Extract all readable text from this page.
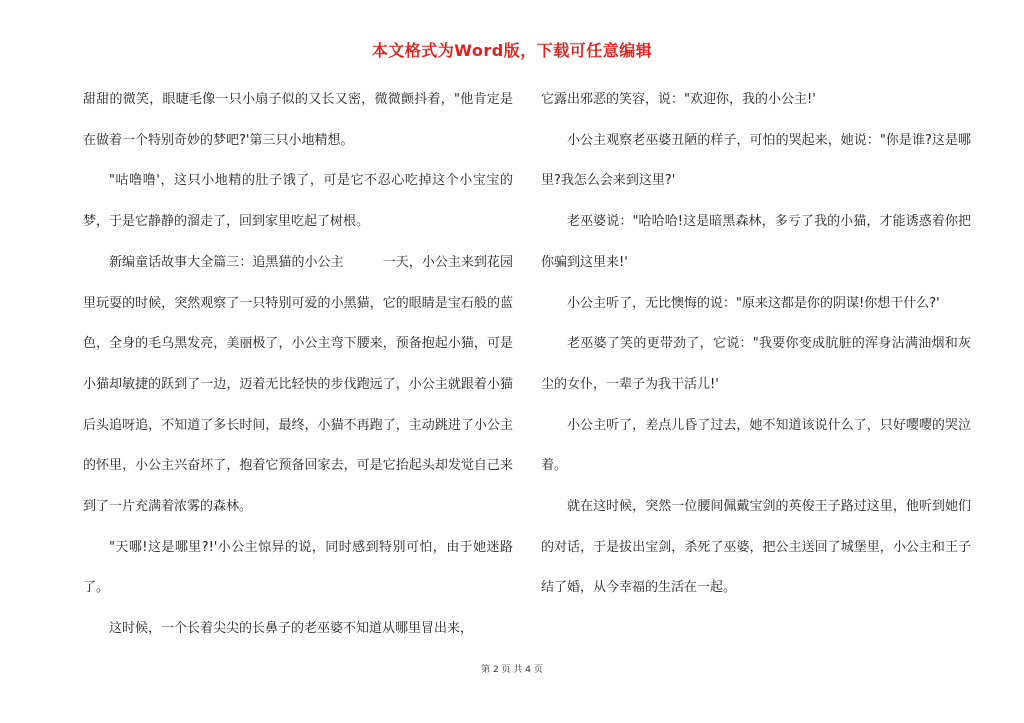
本文格式为Word版，下载可任意编辑

甜甜的微笑，眼睫毛像一只小扇子似的又长又密，微微颤抖着，"他肯定是在做着一个特别奇妙的梦吧?'第三只小地精想。

"咕噜噜'，这只小地精的肚子饿了，可是它不忍心吃掉这个小宝宝的梦，于是它静静的溜走了，回到家里吃起了树根。

新编童话故事大全篇三：追黑猫的小公主　　　一天，小公主来到花园里玩耍的时候，突然观察了一只特别可爱的小黑猫，它的眼睛是宝石般的蓝色，全身的毛乌黑发亮，美丽极了，小公主弯下腰来，预备抱起小猫，可是小猫却敏捷的跃到了一边，迈着无比轻快的步伐跑远了，小公主就跟着小猫后头追呀追，不知道了多长时间，最终，小猫不再跑了，主动跳进了小公主的怀里，小公主兴奋坏了，抱着它预备回家去，可是它抬起头却发觉自己来到了一片充满着浓雾的森林。

"天哪!这是哪里?!'小公主惊异的说，同时感到特别可怕，由于她迷路了。

这时候，一个长着尖尖的长鼻子的老巫婆不知道从哪里冒出来，

它露出邪恶的笑容，说："欢迎你，我的小公主!'

小公主观察老巫婆丑陋的样子，可怕的哭起来，她说："你是谁?这是哪里?我怎么会来到这里?'

老巫婆说："哈哈哈!这是暗黑森林，多亏了我的小猫，才能诱惑着你把你骗到这里来!'

小公主听了，无比懊悔的说："原来这都是你的阴谋!你想干什么?'

老巫婆了笑的更带劲了，它说："我要你变成肮脏的浑身沾满油烟和灰尘的女仆，一辈子为我干活儿!'

小公主听了，差点儿昏了过去，她不知道该说什么了，只好嘤嘤的哭泣着。

就在这时候，突然一位腰间佩戴宝剑的英俊王子路过这里，他听到她们的对话，于是拔出宝剑，杀死了巫婆，把公主送回了城堡里，小公主和王子结了婚，从今幸福的生活在一起。

第 2 页 共 4 页
